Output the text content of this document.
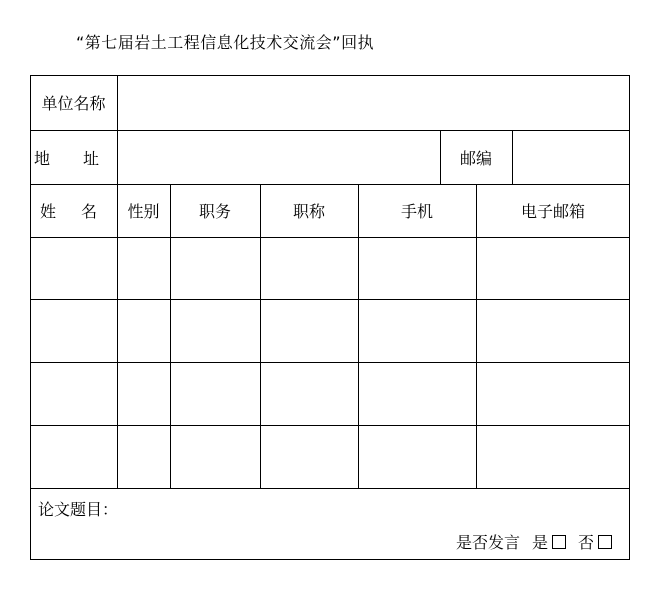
“第七届岩土工程信息化技术交流会”回执
单位名称
地 址	邮编
姓 名	性别	职务	职称	手机	电子邮箱
论文题目：
是否发言 是 否
